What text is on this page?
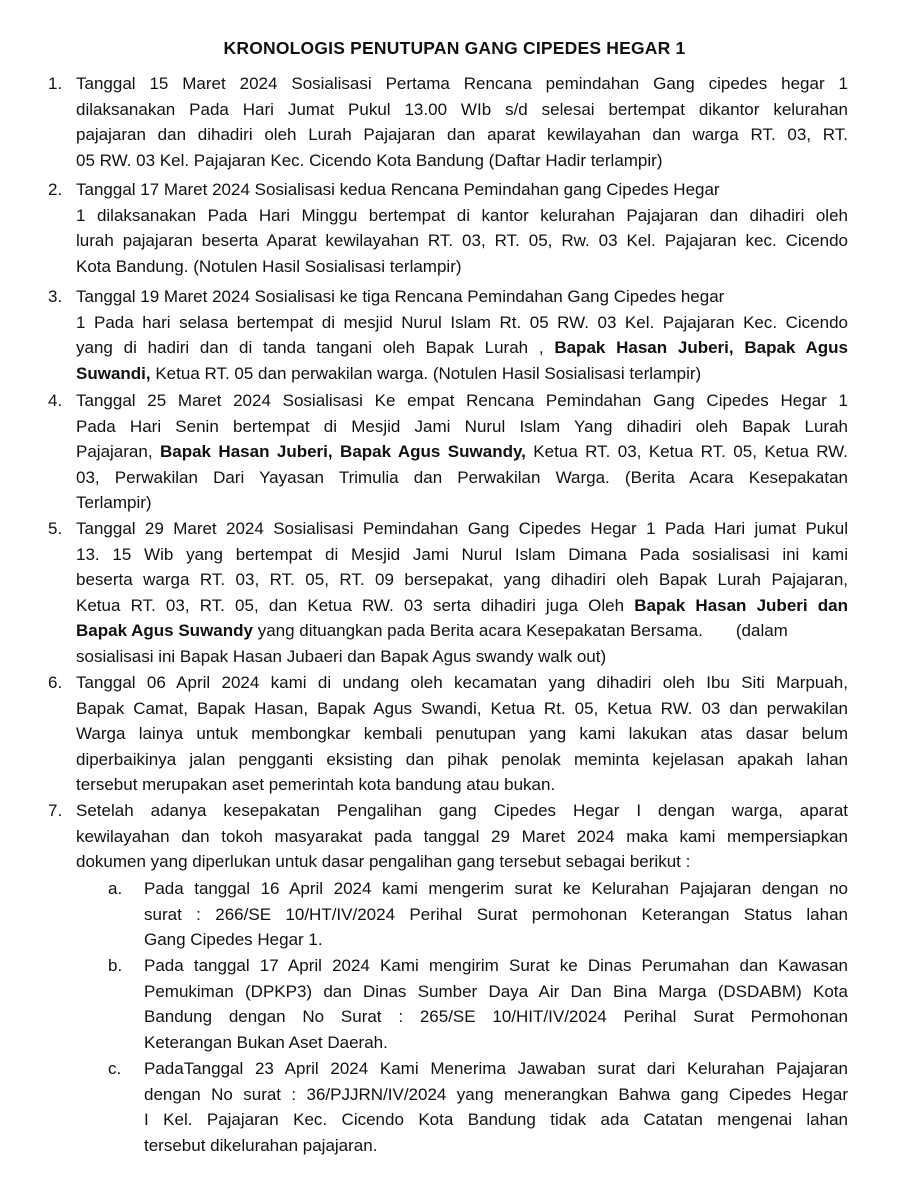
KRONOLOGIS PENUTUPAN GANG CIPEDES HEGAR 1
1. Tanggal 15 Maret 2024 Sosialisasi Pertama Rencana pemindahan Gang cipedes hegar 1
dilaksanakan Pada Hari Jumat Pukul 13.00 WIb s/d selesai bertempat dikantor kelurahan
pajajaran dan dihadiri oleh Lurah Pajajaran dan aparat kewilayahan dan warga RT. 03, RT.
05 RW. 03 Kel. Pajajaran Kec. Cicendo Kota Bandung (Daftar Hadir terlampir)
2. Tanggal 17 Maret 2024 Sosialisasi kedua Rencana Pemindahan gang Cipedes Hegar
1 dilaksanakan Pada Hari Minggu bertempat di kantor kelurahan Pajajaran dan dihadiri oleh
lurah pajajaran beserta Aparat kewilayahan RT. 03, RT. 05, Rw. 03 Kel. Pajajaran kec. Cicendo
Kota Bandung. (Notulen Hasil Sosialisasi terlampir)
3. Tanggal 19 Maret 2024 Sosialisasi ke tiga Rencana Pemindahan Gang Cipedes hegar
1 Pada hari selasa bertempat di mesjid Nurul Islam Rt. 05 RW. 03 Kel. Pajajaran Kec. Cicendo
yang di hadiri dan di tanda tangani oleh Bapak Lurah , Bapak Hasan Juberi, Bapak Agus
Suwandi, Ketua RT. 05 dan perwakilan warga. (Notulen Hasil Sosialisasi terlampir)
4. Tanggal 25 Maret 2024 Sosialisasi Ke empat Rencana Pemindahan Gang Cipedes Hegar 1
Pada Hari Senin bertempat di Mesjid Jami Nurul Islam Yang dihadiri oleh Bapak Lurah
Pajajaran, Bapak Hasan Juberi, Bapak Agus Suwandy, Ketua RT. 03, Ketua RT. 05, Ketua RW.
03, Perwakilan Dari Yayasan Trimulia dan Perwakilan Warga. (Berita Acara Kesepakatan
Terlampir)
5. Tanggal 29 Maret 2024 Sosialisasi Pemindahan Gang Cipedes Hegar 1 Pada Hari jumat Pukul
13. 15 Wib yang bertempat di Mesjid Jami Nurul Islam Dimana Pada sosialisasi ini kami
beserta warga RT. 03, RT. 05, RT. 09 bersepakat, yang dihadiri oleh Bapak Lurah Pajajaran,
Ketua RT. 03, RT. 05, dan Ketua RW. 03 serta dihadiri juga Oleh Bapak Hasan Juberi dan
Bapak Agus Suwandy yang dituangkan pada Berita acara Kesepakatan Bersama.       (dalam
sosialisasi ini Bapak Hasan Jubaeri dan Bapak Agus swandy walk out)
6. Tanggal 06 April 2024 kami di undang oleh kecamatan yang dihadiri oleh Ibu Siti Marpuah,
Bapak Camat, Bapak Hasan, Bapak Agus Swandi, Ketua Rt. 05, Ketua RW. 03 dan perwakilan
Warga lainya untuk membongkar kembali penutupan yang kami lakukan atas dasar belum
diperbaikinya jalan pengganti eksisting dan pihak penolak meminta kejelasan apakah lahan
tersebut merupakan aset pemerintah kota bandung atau bukan.
7. Setelah adanya kesepakatan Pengalihan gang Cipedes Hegar I dengan warga, aparat
kewilayahan dan tokoh masyarakat pada tanggal 29 Maret 2024 maka kami mempersiapkan
dokumen yang diperlukan untuk dasar pengalihan gang tersebut sebagai berikut :
a.	Pada tanggal 16 April 2024 kami mengerim surat ke Kelurahan Pajajaran dengan no
surat : 266/SE 10/HT/IV/2024 Perihal Surat permohonan Keterangan Status lahan
Gang Cipedes Hegar 1.
b.	Pada tanggal 17 April 2024 Kami mengirim Surat ke Dinas Perumahan dan Kawasan
Pemukiman (DPKP3) dan Dinas Sumber Daya Air Dan Bina Marga (DSDABM) Kota
Bandung dengan No Surat : 265/SE 10/HIT/IV/2024 Perihal Surat Permohonan
Keterangan Bukan Aset Daerah.
c.	PadaTanggal 23 April 2024 Kami Menerima Jawaban surat dari Kelurahan Pajajaran
dengan No surat : 36/PJJRN/IV/2024 yang menerangkan Bahwa gang Cipedes Hegar
I Kel. Pajajaran Kec. Cicendo Kota Bandung tidak ada Catatan mengenai lahan
tersebut dikelurahan pajajaran.
